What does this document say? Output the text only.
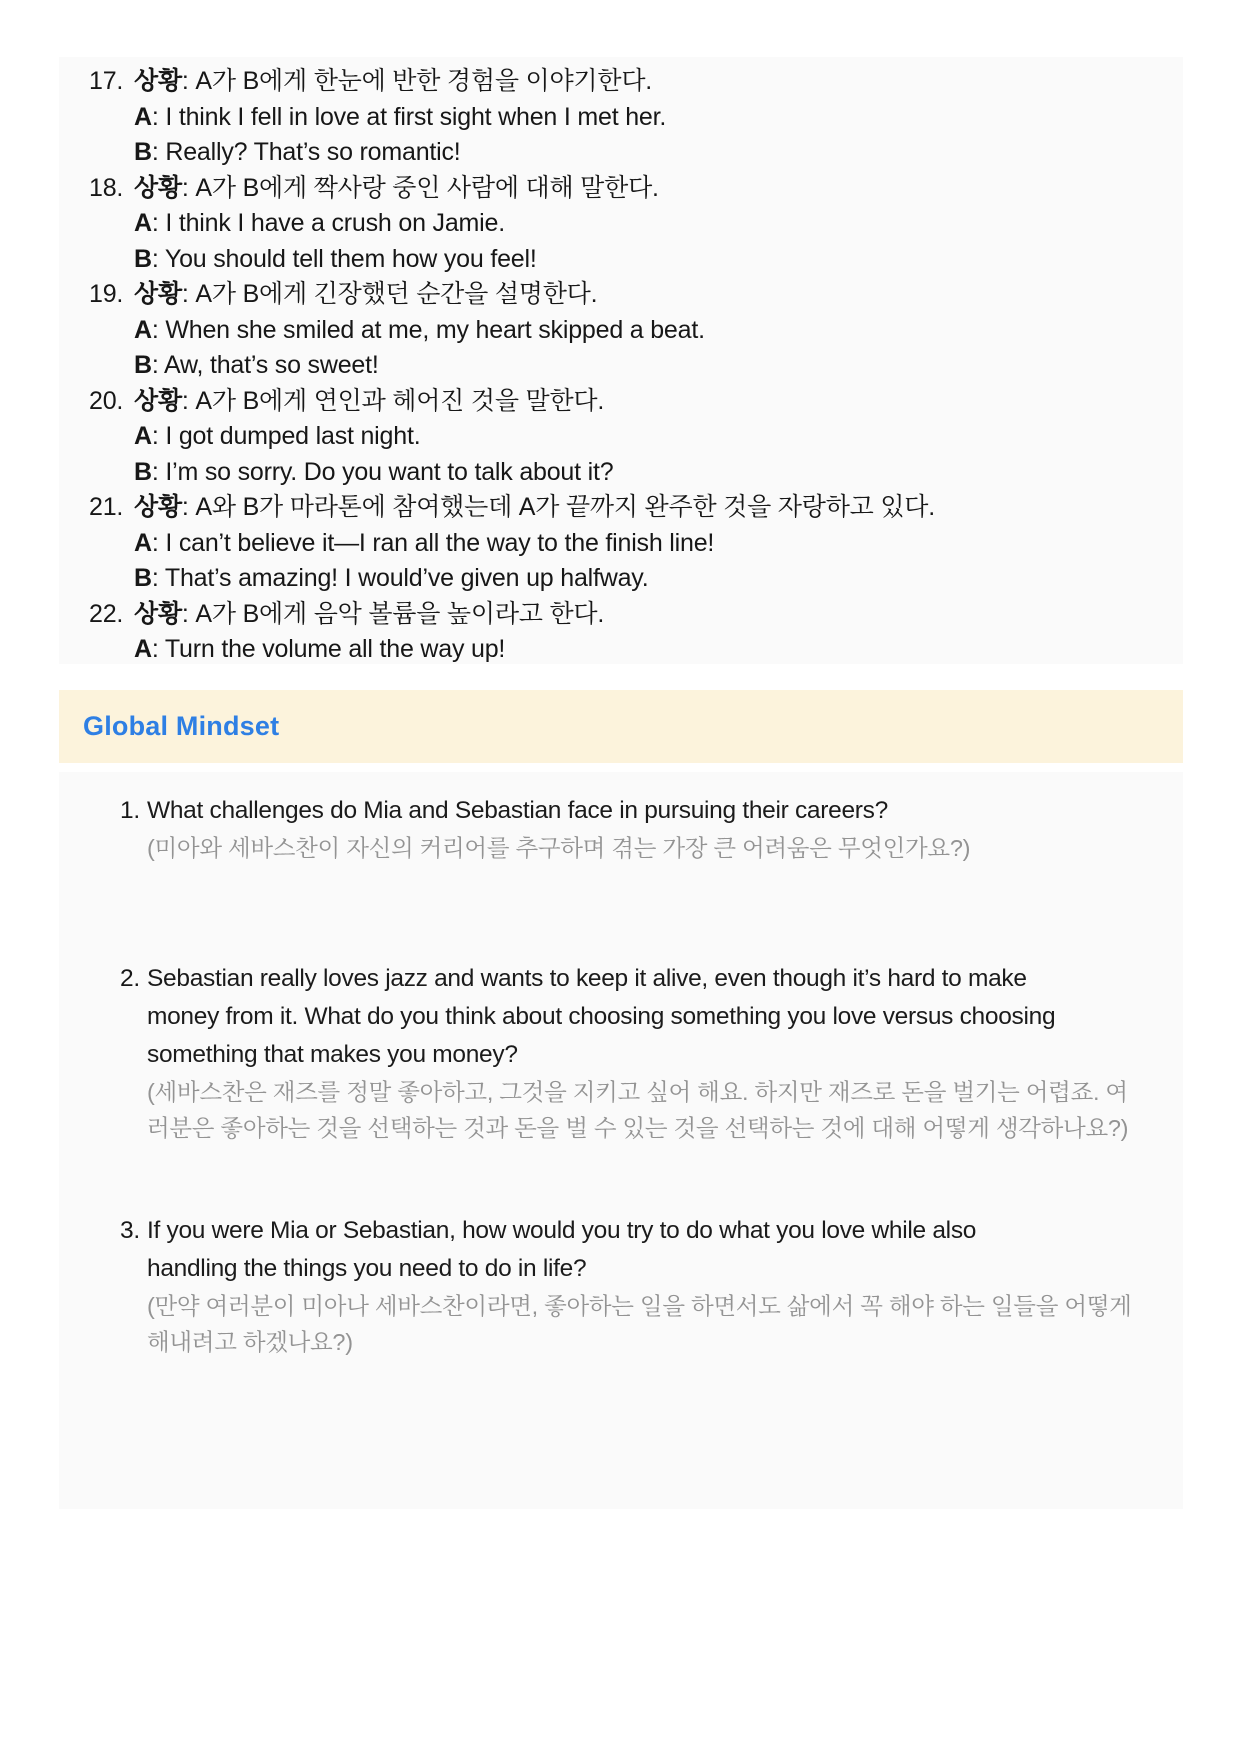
17. 상황: A가 B에게 한눈에 반한 경험을 이야기한다.
A: I think I fell in love at first sight when I met her.
B: Really? That’s so romantic!
18. 상황: A가 B에게 짝사랑 중인 사람에 대해 말한다.
A: I think I have a crush on Jamie.
B: You should tell them how you feel!
19. 상황: A가 B에게 긴장했던 순간을 설명한다.
A: When she smiled at me, my heart skipped a beat.
B: Aw, that’s so sweet!
20. 상황: A가 B에게 연인과 헤어진 것을 말한다.
A: I got dumped last night.
B: I’m so sorry. Do you want to talk about it?
21. 상황: A와 B가 마라톤에 참여했는데 A가 끝까지 완주한 것을 자랑하고 있다.
A: I can’t believe it—I ran all the way to the finish line!
B: That’s amazing! I would’ve given up halfway.
22. 상황: A가 B에게 음악 볼륨을 높이라고 한다.
A: Turn the volume all the way up!
Global Mindset
1. What challenges do Mia and Sebastian face in pursuing their careers?
(미아와 세바스찬이 자신의 커리어를 추구하며 겪는 가장 큰 어려움은 무엇인가요?)
2. Sebastian really loves jazz and wants to keep it alive, even though it’s hard to make
money from it. What do you think about choosing something you love versus choosing
something that makes you money?
(세바스찬은 재즈를 정말 좋아하고, 그것을 지키고 싶어 해요. 하지만 재즈로 돈을 벌기는 어렵죠. 여
러분은 좋아하는 것을 선택하는 것과 돈을 벌 수 있는 것을 선택하는 것에 대해 어떻게 생각하나요?)
3. If you were Mia or Sebastian, how would you try to do what you love while also
handling the things you need to do in life?
(만약 여러분이 미아나 세바스찬이라면, 좋아하는 일을 하면서도 삶에서 꼭 해야 하는 일들을 어떻게
해내려고 하겠나요?)
